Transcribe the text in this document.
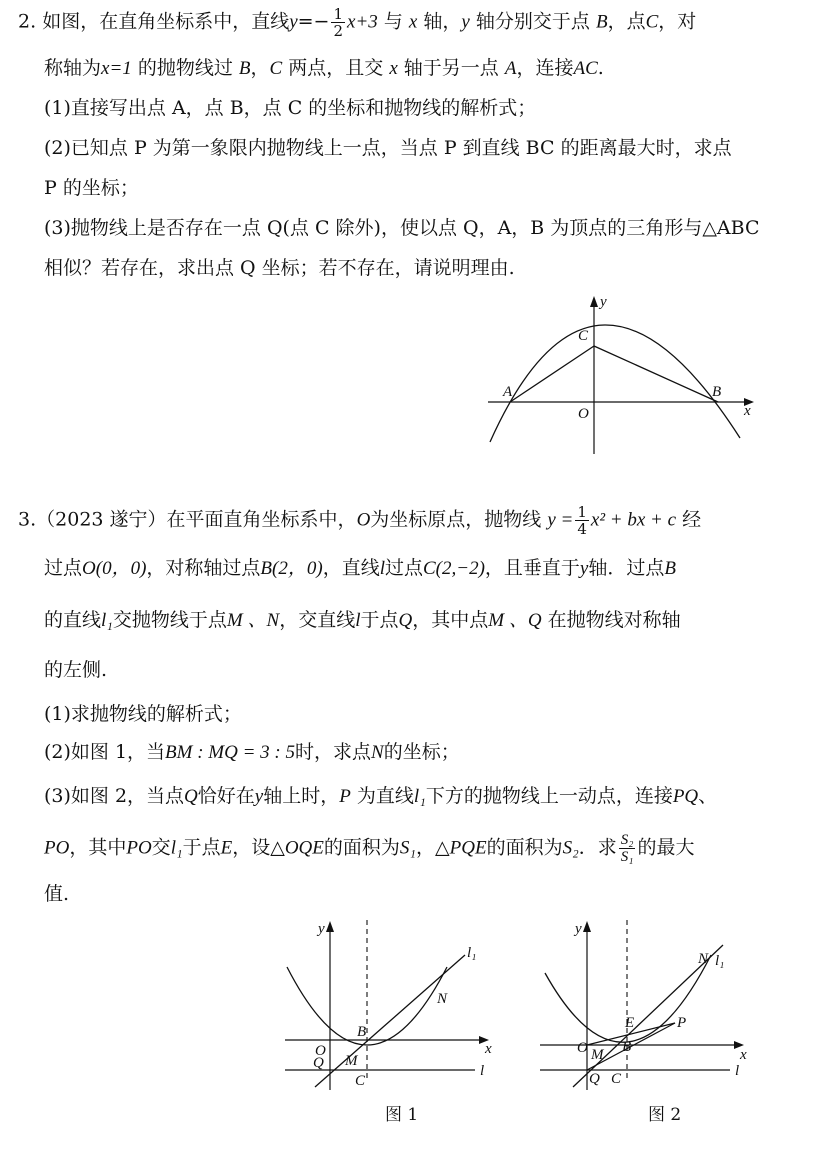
2. 如图，在直角坐标系中，直线$y=- \frac{1}{2} x+3$ 与 x 轴，y 轴分别交于点 B，点C，对
称轴为x=1 的抛物线过 B，C 两点，且交 x 轴于另一点 A，连接AC.
(1)直接写出点 A，点 B，点 C 的坐标和抛物线的解析式；
(2)已知点 P 为第一象限内抛物线上一点，当点 P 到直线 BC 的距离最大时，求点
P 的坐标；
(3)抛物线上是否存在一点 Q(点 C 除外)，使以点 Q，A，B 为顶点的三角形与△ABC
相似？若存在，求出点 Q 坐标；若不存在，请说明理由.
y
C
A
O
B
x
3.（2023 遂宁）在平面直角坐标系中，O为坐标原点，抛物线 $y = \frac{1}{4} x^2$ + bx + c 经
过点O(0，0)，对称轴过点B(2，0)，直线l过点C(2,−2)，且垂直于y轴．过点B
的直线l₁交抛物线于点M 、N，交直线l于点Q，其中点M 、Q 在抛物线对称轴
的左侧.
(1)求抛物线的解析式；
(2)如图 1，当BM : MQ = 3 : 5时，求点N的坐标；
(3)如图 2，当点Q恰好在y轴上时，P 为直线l₁下方的抛物线上一动点，连接PQ、
PO，其中PO交l₁于点E，设△OQE的面积为S₁，△PQE的面积为S₂．求 $\frac{\text{S₂}}{\text{S₁}}$ 的最大
值.
y
l₁
N
B
O	x
Q M
C
l
图 1
y
N l₁
E	P
O B
M	x
Q C	l
图 2
